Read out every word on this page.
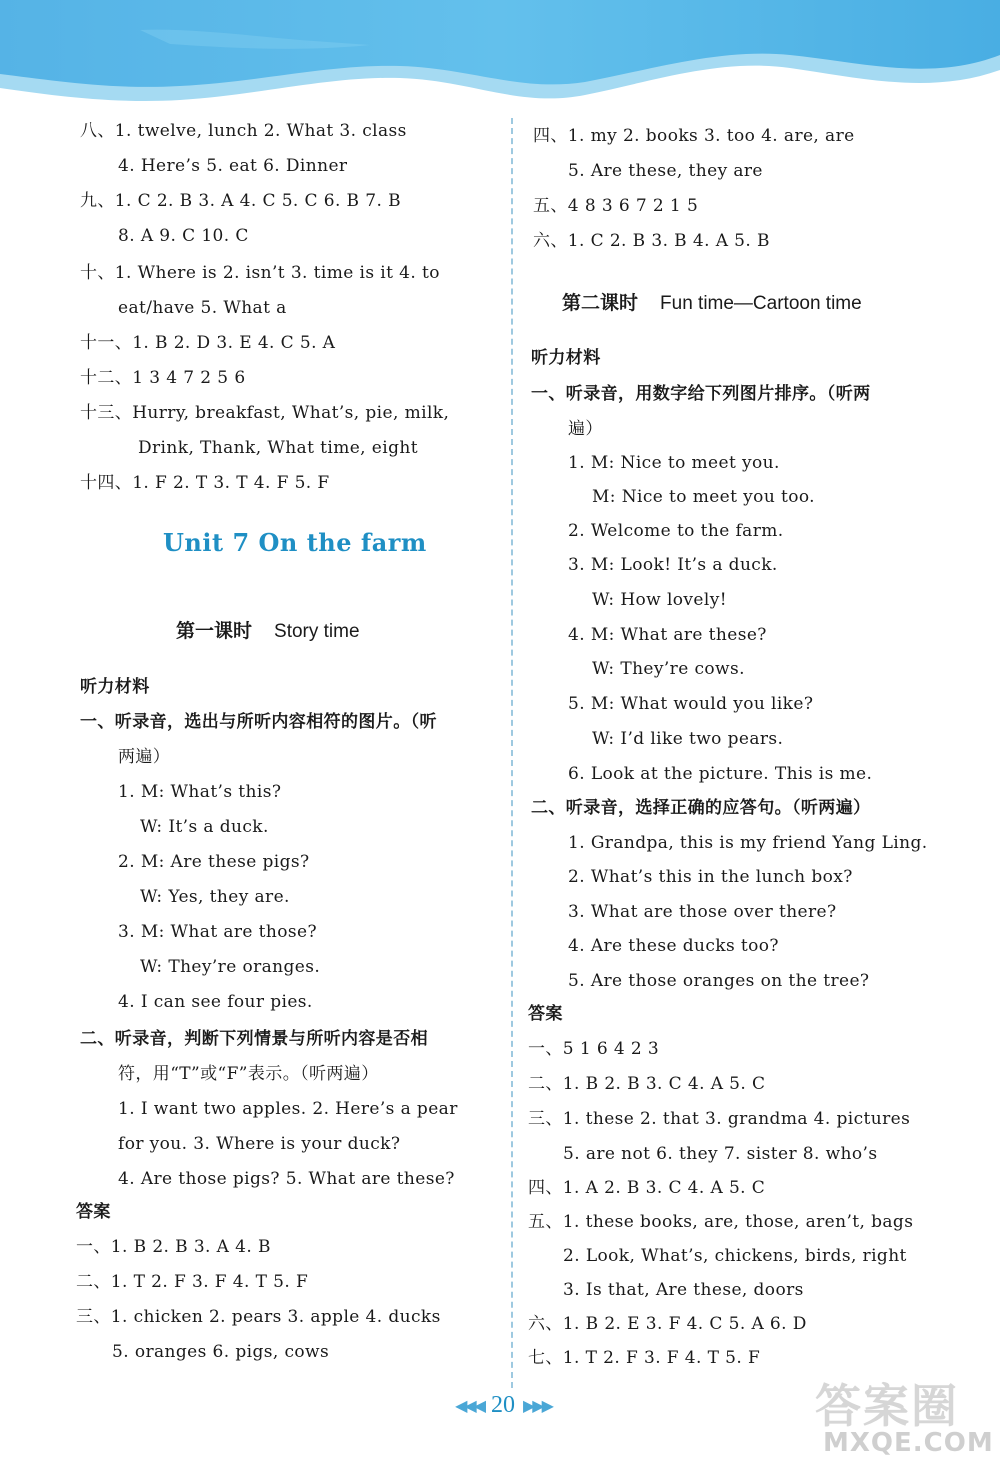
八、1. twelve, lunch 2. What 3. class
4. Here’s 5. eat 6. Dinner
九、1. C 2. B 3. A 4. C 5. C 6. B 7. B
8. A 9. C 10. C
十、1. Where is 2. isn’t 3. time is it 4. to
eat/have 5. What a
十一、1. B 2. D 3. E 4. C 5. A
十二、1 3 4 7 2 5 6
十三、Hurry, breakfast, What’s, pie, milk,
Drink, Thank, What time, eight
十四、1. F 2. T 3. T 4. F 5. F
听力材料
一、听录音，选出与所听内容相符的图片。（听
两遍）
1. M: What’s this?
W: It’s a duck.
2. M: Are these pigs?
W: Yes, they are.
3. M: What are those?
W: They’re oranges.
4. I can see four pies.
二、听录音，判断下列情景与所听内容是否相
符，用“T”或“F”表示。（听两遍）
1. I want two apples. 2. Here’s a pear
for you. 3. Where is your duck?
4. Are those pigs? 5. What are these?
答案
一、1. B 2. B 3. A 4. B
二、1. T 2. F 3. F 4. T 5. F
三、1. chicken 2. pears 3. apple 4. ducks
5. oranges 6. pigs, cows
Unit 7 On the farm
第一课时 Story time
四、1. my 2. books 3. too 4. are, are
5. Are these, they are
五、4 8 3 6 7 2 1 5
六、1. C 2. B 3. B 4. A 5. B
听力材料
一、听录音，用数字给下列图片排序。（听两
遍）
1. M: Nice to meet you.
M: Nice to meet you too.
2. Welcome to the farm.
3. M: Look! It’s a duck.
W: How lovely!
4. M: What are these?
W: They’re cows.
5. M: What would you like?
W: I’d like two pears.
6. Look at the picture. This is me.
二、听录音，选择正确的应答句。（听两遍）
1. Grandpa, this is my friend Yang Ling.
2. What’s this in the lunch box?
3. What are those over there?
4. Are these ducks too?
5. Are those oranges on the tree?
答案
一、5 1 6 4 2 3
二、1. B 2. B 3. C 4. A 5. C
三、1. these 2. that 3. grandma 4. pictures
5. are not 6. they 7. sister 8. who’s
四、1. A 2. B 3. C 4. A 5. C
五、1. these books, are, those, aren’t, bags
2. Look, What’s, chickens, birds, right
3. Is that, Are these, doors
六、1. B 2. E 3. F 4. C 5. A 6. D
七、1. T 2. F 3. F 4. T 5. F
第二课时 Fun time—Cartoon time
◀◀◀ 20 ▶▶▶	答案圈
MXQE.COM
